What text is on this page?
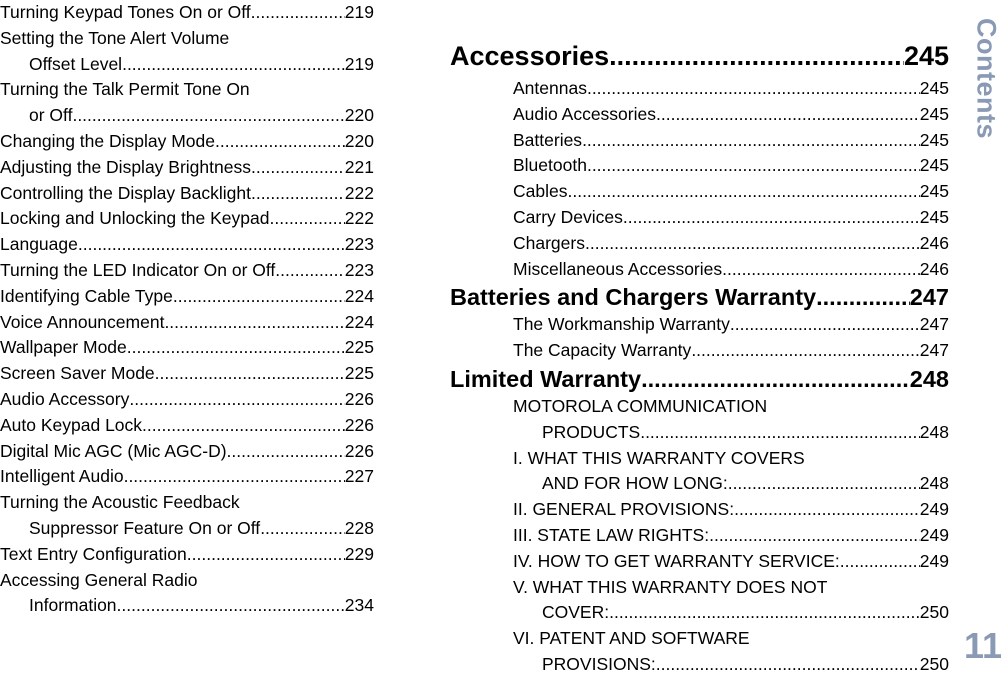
Turning Keypad Tones On or Off .....	219
Setting the Tone Alert Volume
Offset Level .....	219
Turning the Talk Permit Tone On
or Off .....	220
Changing the Display Mode .....	220
Adjusting the Display Brightness .....	221
Controlling the Display Backlight .....	222
Locking and Unlocking the Keypad .....	222
Language .....	223
Turning the LED Indicator On or Off .....	223
Identifying Cable Type .....	224
Voice Announcement .....	224
Wallpaper Mode .....	225
Screen Saver Mode .....	225
Audio Accessory .....	226
Auto Keypad Lock .....	226
Digital Mic AGC (Mic AGC-D) .....	226
Intelligent Audio .....	227
Turning the Acoustic Feedback
Suppressor Feature On or Off .....	228
Text Entry Configuration .....	229
Accessing General Radio
Information .....	234
Accessories .....	245
Antennas .....	245
Audio Accessories .....	245
Batteries .....	245
Bluetooth .....	245
Cables .....	245
Carry Devices .....	245
Chargers .....	246
Miscellaneous Accessories .....	246
Batteries and Chargers Warranty .....	247
The Workmanship Warranty .....	247
The Capacity Warranty .....	247
Limited Warranty .....	248
MOTOROLA COMMUNICATION
PRODUCTS .....	248
I. WHAT THIS WARRANTY COVERS
AND FOR HOW LONG: .....	248
II. GENERAL PROVISIONS: .....	249
III. STATE LAW RIGHTS: .....	249
IV. HOW TO GET WARRANTY SERVICE: .....	249
V. WHAT THIS WARRANTY DOES NOT
COVER: .....	250
VI. PATENT AND SOFTWARE
PROVISIONS: .....	250
Contents
11
